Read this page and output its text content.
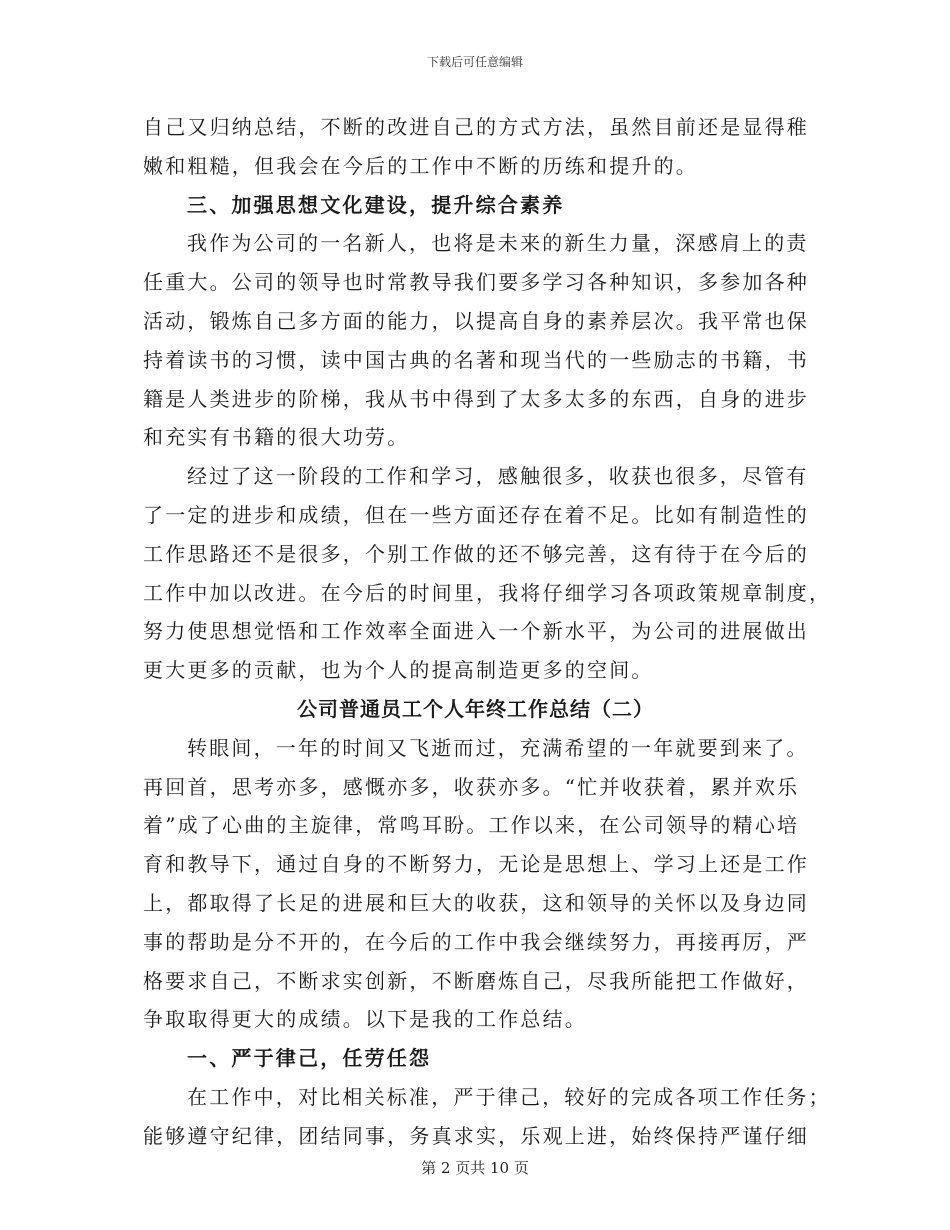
下载后可任意编辑
自己又归纳总结，不断的改进自己的方式方法，虽然目前还是显得稚
嫩和粗糙，但我会在今后的工作中不断的历练和提升的。
三、加强思想文化建设，提升综合素养
我作为公司的一名新人，也将是未来的新生力量，深感肩上的责
任重大。公司的领导也时常教导我们要多学习各种知识，多参加各种
活动，锻炼自己多方面的能力，以提高自身的素养层次。我平常也保
持着读书的习惯，读中国古典的名著和现当代的一些励志的书籍，书
籍是人类进步的阶梯，我从书中得到了太多太多的东西，自身的进步
和充实有书籍的很大功劳。
经过了这一阶段的工作和学习，感触很多，收获也很多，尽管有
了一定的进步和成绩，但在一些方面还存在着不足。比如有制造性的
工作思路还不是很多，个别工作做的还不够完善，这有待于在今后的
工作中加以改进。在今后的时间里，我将仔细学习各项政策规章制度，
努力使思想觉悟和工作效率全面进入一个新水平，为公司的进展做出
更大更多的贡献，也为个人的提高制造更多的空间。
公司普通员工个人年终工作总结（二）
转眼间，一年的时间又飞逝而过，充满希望的一年就要到来了。
再回首，思考亦多，感慨亦多，收获亦多。“忙并收获着，累并欢乐
着”成了心曲的主旋律，常鸣耳盼。工作以来，在公司领导的精心培
育和教导下，通过自身的不断努力，无论是思想上、学习上还是工作
上，都取得了长足的进展和巨大的收获，这和领导的关怀以及身边同
事的帮助是分不开的，在今后的工作中我会继续努力，再接再厉，严
格要求自己，不断求实创新，不断磨炼自己，尽我所能把工作做好，
争取取得更大的成绩。以下是我的工作总结。
一、严于律己，任劳任怨
在工作中，对比相关标准，严于律己，较好的完成各项工作任务；
能够遵守纪律，团结同事，务真求实，乐观上进，始终保持严谨仔细
第 2 页共 10 页
